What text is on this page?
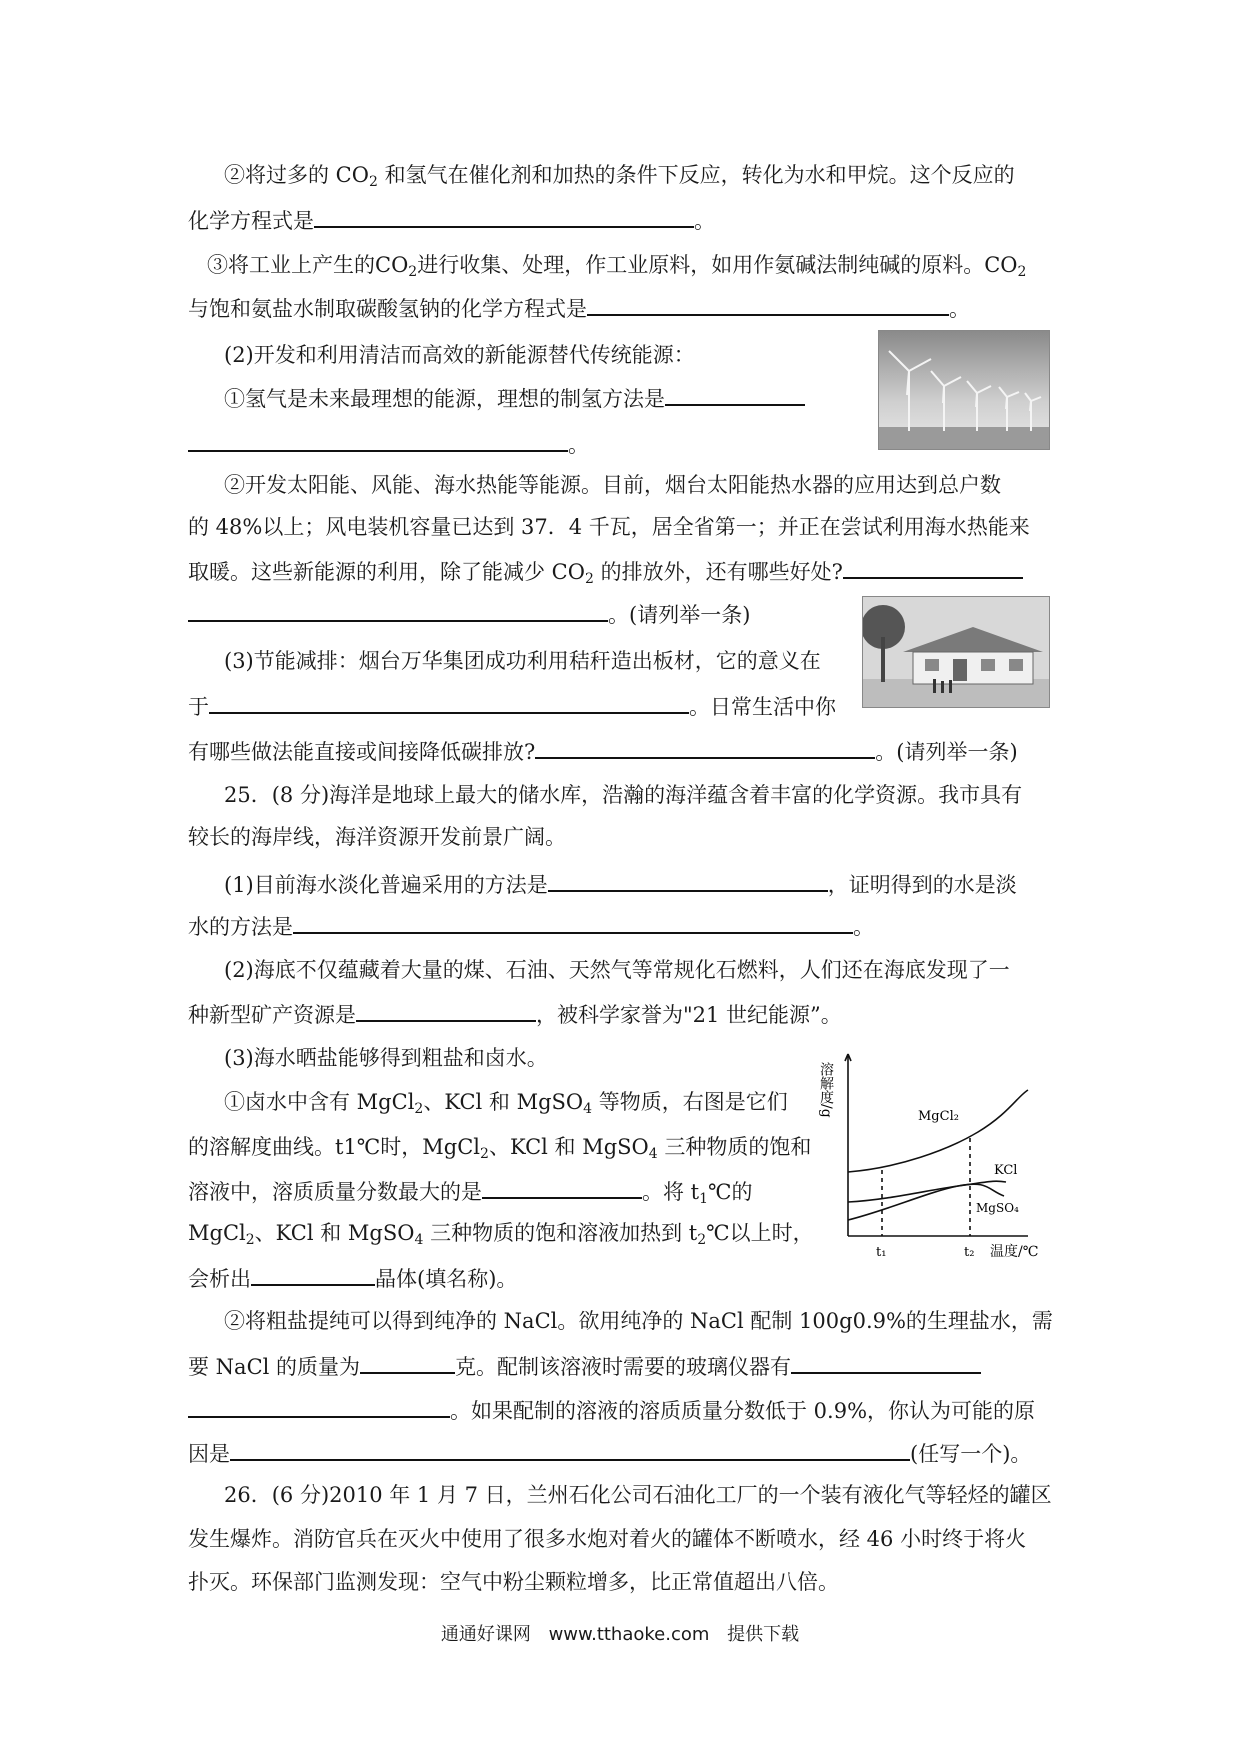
②将过多的 $CO_2$ 和氢气在催化剂和加热的条件下反应，转化为水和甲烷。这个反应的
化学方程式是	。
③将工业上产生的$CO_2$进行收集、处理，作工业原料，如用作氨碱法制纯碱的原料。$CO_2$
与饱和氨盐水制取碳酸氢钠的化学方程式是	。
(2)开发和利用清洁而高效的新能源替代传统能源：
①氢气是未来最理想的能源，理想的制氢方法是
。
②开发太阳能、风能、海水热能等能源。目前，烟台太阳能热水器的应用达到总户数
的 48%以上；风电装机容量已达到 37．4 千瓦，居全省第一；并正在尝试利用海水热能来
取暖。这些新能源的利用，除了能减少 $CO_2$ 的排放外，还有哪些好处?
。(请列举一条)
(3)节能减排：烟台万华集团成功利用秸秆造出板材，它的意义在
于	。日常生活中你
有哪些做法能直接或间接降低碳排放?	。(请列举一条)
25．(8 分)海洋是地球上最大的储水库，浩瀚的海洋蕴含着丰富的化学资源。我市具有
较长的海岸线，海洋资源开发前景广阔。
(1)目前海水淡化普遍采用的方法是	，证明得到的水是淡
水的方法是	。
(2)海底不仅蕴藏着大量的煤、石油、天然气等常规化石燃料，人们还在海底发现了一
种新型矿产资源是	，被科学家誉为"21 世纪能源”。
(3)海水晒盐能够得到粗盐和卤水。
①卤水中含有 MgCl$_2$、KCl 和 MgSO$_4$ 等物质，右图是它们
的溶解度曲线。t1℃时，MgCl$_2$、KCl 和 MgSO$_4$ 三种物质的饱和
溶液中，溶质质量分数最大的是	。将 $t_1℃$的
MgCl$_2$、KCl 和 MgSO$_4$ 三种物质的饱和溶液加热到 $t_2℃$以上时，
会析出	晶体(填名称)。
②将粗盐提纯可以得到纯净的 NaCl。欲用纯净的 NaCl 配制 100g0.9%的生理盐水，需
要 NaCl 的质量为	克。配制该溶液时需要的玻璃仪器有
。如果配制的溶液的溶质质量分数低于 0.9%，你认为可能的原
因是	(任写一个)。
26．(6 分)2010 年 1 月 7 日，兰州石化公司石油化工厂的一个装有液化气等轻烃的罐区
发生爆炸。消防官兵在灭火中使用了很多水炮对着火的罐体不断喷水，经 46 小时终于将火
扑灭。环保部门监测发现：空气中粉尘颗粒增多，比正常值超出八倍。
溶解度/g	MgCl₂
KCl
MgSO₄
t₁	t₂ 温度/℃
通通好课网 www.tthaoke.com 提供下载
